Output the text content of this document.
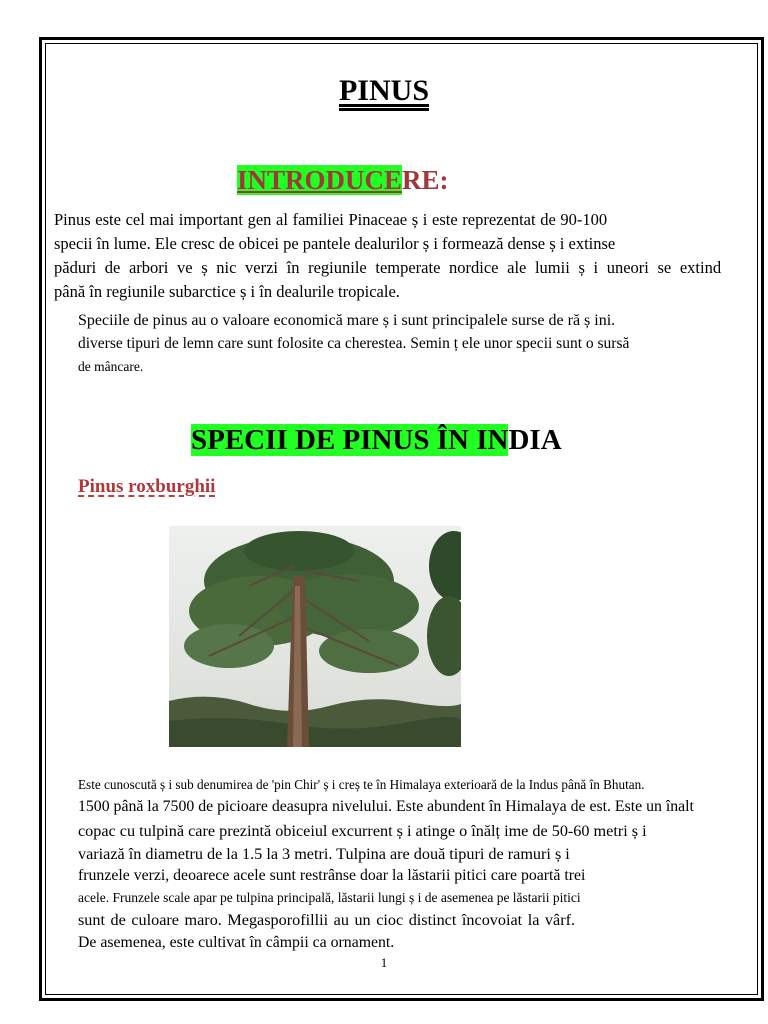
PINUS
INTRODUCERE:
Pinus este cel mai important gen al familiei Pinaceae ș i este reprezentat de 90-100
specii în lume. Ele cresc de obicei pe pantele dealurilor ș i formează dense ș i extinse
păduri de arbori ve ș nic verzi în regiunile temperate nordice ale lumii ș i uneori se extind
până în regiunile subarctice ș i în dealurile tropicale.
Speciile de pinus au o valoare economică mare ș i sunt principalele surse de ră ș ini.
diverse tipuri de lemn care sunt folosite ca cherestea. Semin ț ele unor specii sunt o sursă
de mâncare.
SPECII DE PINUS ÎN INDIA
Pinus roxburghii
Este cunoscută ș i sub denumirea de 'pin Chir' ș i creș te în Himalaya exterioară de la Indus până în Bhutan.
1500 până la 7500 de picioare deasupra nivelului. Este abundent în Himalaya de est. Este un înalt
copac cu tulpină care prezintă obiceiul excurrent ș i atinge o înălț ime de 50-60 metri ș i
variază în diametru de la 1.5 la 3 metri. Tulpina are două tipuri de ramuri ș i
frunzele verzi, deoarece acele sunt restrânse doar la lăstarii pitici care poartă trei
acele. Frunzele scale apar pe tulpina principală, lăstarii lungi ș i de asemenea pe lăstarii pitici
sunt de culoare maro. Megasporofillii au un cioc distinct încovoiat la vârf.
De asemenea, este cultivat în câmpii ca ornament.
1
